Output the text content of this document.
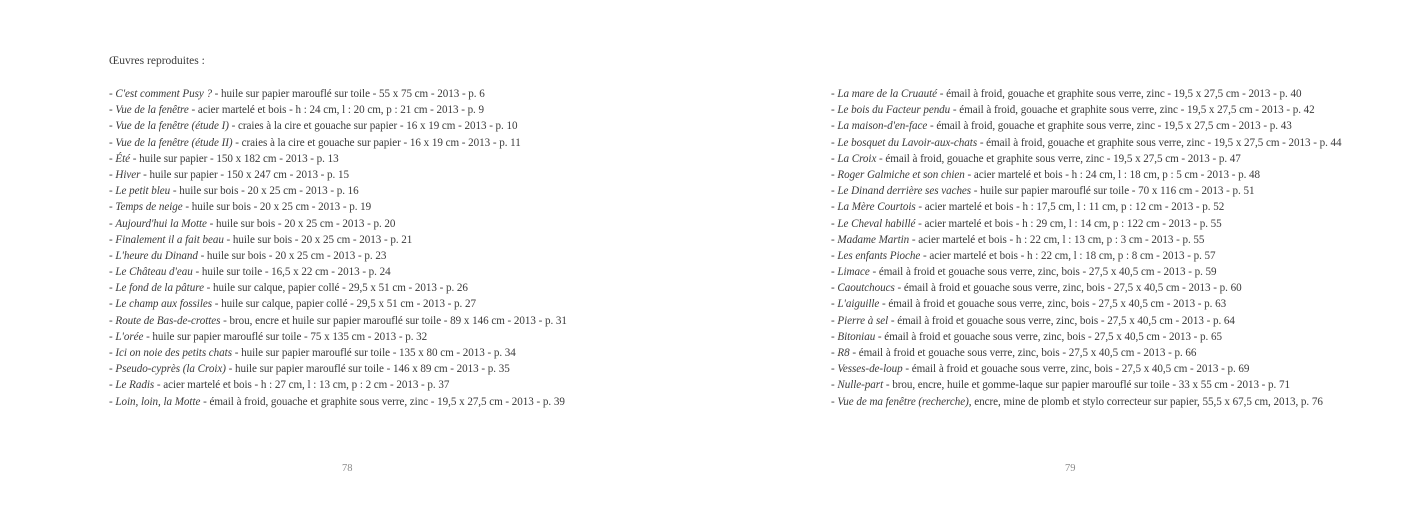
Œuvres reproduites :
- C'est comment Pusy ? - huile sur papier marouflé sur toile - 55 x 75 cm - 2013 - p. 6
- Vue de la fenêtre - acier martelé et bois - h : 24 cm, l : 20 cm, p : 21 cm - 2013 - p. 9
- Vue de la fenêtre (étude I) - craies à la cire et gouache sur papier - 16 x 19 cm - 2013 - p. 10
- Vue de la fenêtre (étude II) - craies à la cire et gouache sur papier - 16 x 19 cm - 2013 - p. 11
- Été - huile sur papier - 150 x 182 cm - 2013 - p. 13
- Hiver - huile sur papier - 150 x 247 cm - 2013 - p. 15
- Le petit bleu - huile sur bois - 20 x 25 cm - 2013 - p. 16
- Temps de neige - huile sur bois - 20 x 25 cm - 2013 - p. 19
- Aujourd'hui la Motte - huile sur bois - 20 x 25 cm - 2013 - p. 20
- Finalement il a fait beau - huile sur bois - 20 x 25 cm - 2013 - p. 21
- L'heure du Dinand - huile sur bois - 20 x 25 cm - 2013 - p. 23
- Le Château d'eau - huile sur toile - 16,5 x 22 cm - 2013 - p. 24
- Le fond de la pâture - huile sur calque, papier collé - 29,5 x 51 cm - 2013 - p. 26
- Le champ aux fossiles - huile sur calque, papier collé - 29,5 x 51 cm - 2013 - p. 27
- Route de Bas-de-crottes - brou, encre et huile sur papier marouflé sur toile - 89 x 146 cm - 2013 - p. 31
- L'orée - huile sur papier marouflé sur toile - 75 x 135 cm - 2013 - p. 32
- Ici on noie des petits chats - huile sur papier marouflé sur toile - 135 x 80 cm - 2013 - p. 34
- Pseudo-cyprès (la Croix) - huile sur papier marouflé sur toile - 146 x 89 cm - 2013 - p. 35
- Le Radis - acier martelé et bois - h : 27 cm, l : 13 cm, p : 2 cm - 2013 - p. 37
- Loin, loin, la Motte - émail à froid, gouache et graphite sous verre, zinc - 19,5 x 27,5 cm - 2013 - p. 39
78
- La mare de la Cruauté - émail à froid, gouache et graphite sous verre, zinc - 19,5 x 27,5 cm - 2013 - p. 40
- Le bois du Facteur pendu - émail à froid, gouache et graphite sous verre, zinc - 19,5 x 27,5 cm - 2013 - p. 42
- La maison-d'en-face - émail à froid, gouache et graphite sous verre, zinc - 19,5 x 27,5 cm - 2013 - p. 43
- Le bosquet du Lavoir-aux-chats - émail à froid, gouache et graphite sous verre, zinc - 19,5 x 27,5 cm - 2013 - p. 44
- La Croix - émail à froid, gouache et graphite sous verre, zinc - 19,5 x 27,5 cm - 2013 - p. 47
- Roger Galmiche et son chien - acier martelé et bois - h : 24 cm, l : 18 cm, p : 5 cm - 2013 - p. 48
- Le Dinand derrière ses vaches - huile sur papier marouflé sur toile - 70 x 116 cm - 2013 - p. 51
- La Mère Courtois - acier martelé et bois - h : 17,5 cm, l : 11 cm, p : 12 cm - 2013 - p. 52
- Le Cheval habillé - acier martelé et bois - h : 29 cm, l : 14 cm, p : 122 cm - 2013 - p. 55
- Madame Martin - acier martelé et bois - h : 22 cm, l : 13 cm, p : 3 cm - 2013 - p. 55
- Les enfants Pioche - acier martelé et bois - h : 22 cm, l : 18 cm, p : 8 cm - 2013 - p. 57
- Limace - émail à froid et gouache sous verre, zinc, bois - 27,5 x 40,5 cm - 2013 - p. 59
- Caoutchoucs - émail à froid et gouache sous verre, zinc, bois - 27,5 x 40,5 cm - 2013 - p. 60
- L'aiguille - émail à froid et gouache sous verre, zinc, bois - 27,5 x 40,5 cm - 2013 - p. 63
- Pierre à sel - émail à froid et gouache sous verre, zinc, bois - 27,5 x 40,5 cm - 2013 - p. 64
- Bitoniau - émail à froid et gouache sous verre, zinc, bois - 27,5 x 40,5 cm - 2013 - p. 65
- R8 - émail à froid et gouache sous verre, zinc, bois - 27,5 x 40,5 cm - 2013 - p. 66
- Vesses-de-loup - émail à froid et gouache sous verre, zinc, bois - 27,5 x 40,5 cm - 2013 - p. 69
- Nulle-part - brou, encre, huile et gomme-laque sur papier marouflé sur toile - 33 x 55 cm - 2013 - p. 71
- Vue de ma fenêtre (recherche), encre, mine de plomb et stylo correcteur sur papier, 55,5 x 67,5 cm, 2013, p. 76
79
